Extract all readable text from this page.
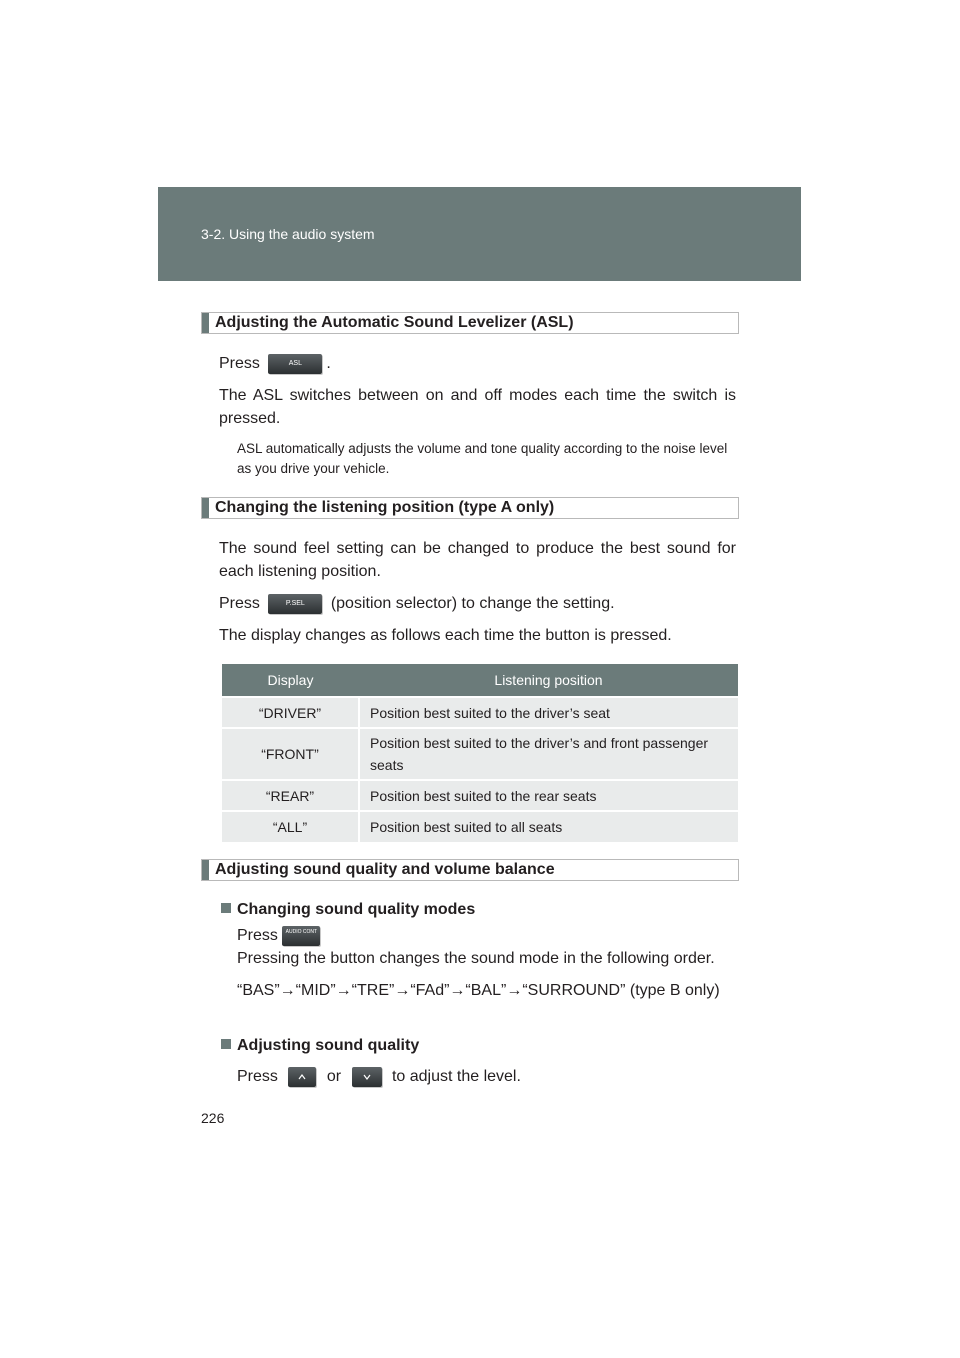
3-2. Using the audio system
Adjusting the Automatic Sound Levelizer (ASL)
Press	ASL .
The ASL switches between on and off modes each time the switch is pressed.
ASL automatically adjusts the volume and tone quality according to the noise level as you drive your vehicle.
Changing the listening position (type A only)
The sound feel setting can be changed to produce the best sound for each listening position.
Press	P.SEL (position selector) to change the setting.
The display changes as follows each time the button is pressed.
Display	Listening position
“DRIVER”	Position best suited to the driver’s seat
“FRONT”	Position best suited to the driver’s and front passenger seats
“REAR”	Position best suited to the rear seats
“ALL”	Position best suited to all seats
Adjusting sound quality and volume balance
Changing sound quality modes
Press AUDIO CONT
Pressing the button changes the sound mode in the following order.
“BAS”→“MID”→“TRE”→“FAd”→“BAL”→“SURROUND” (type B only)
Adjusting sound quality
Press	or	to adjust the level.
226
